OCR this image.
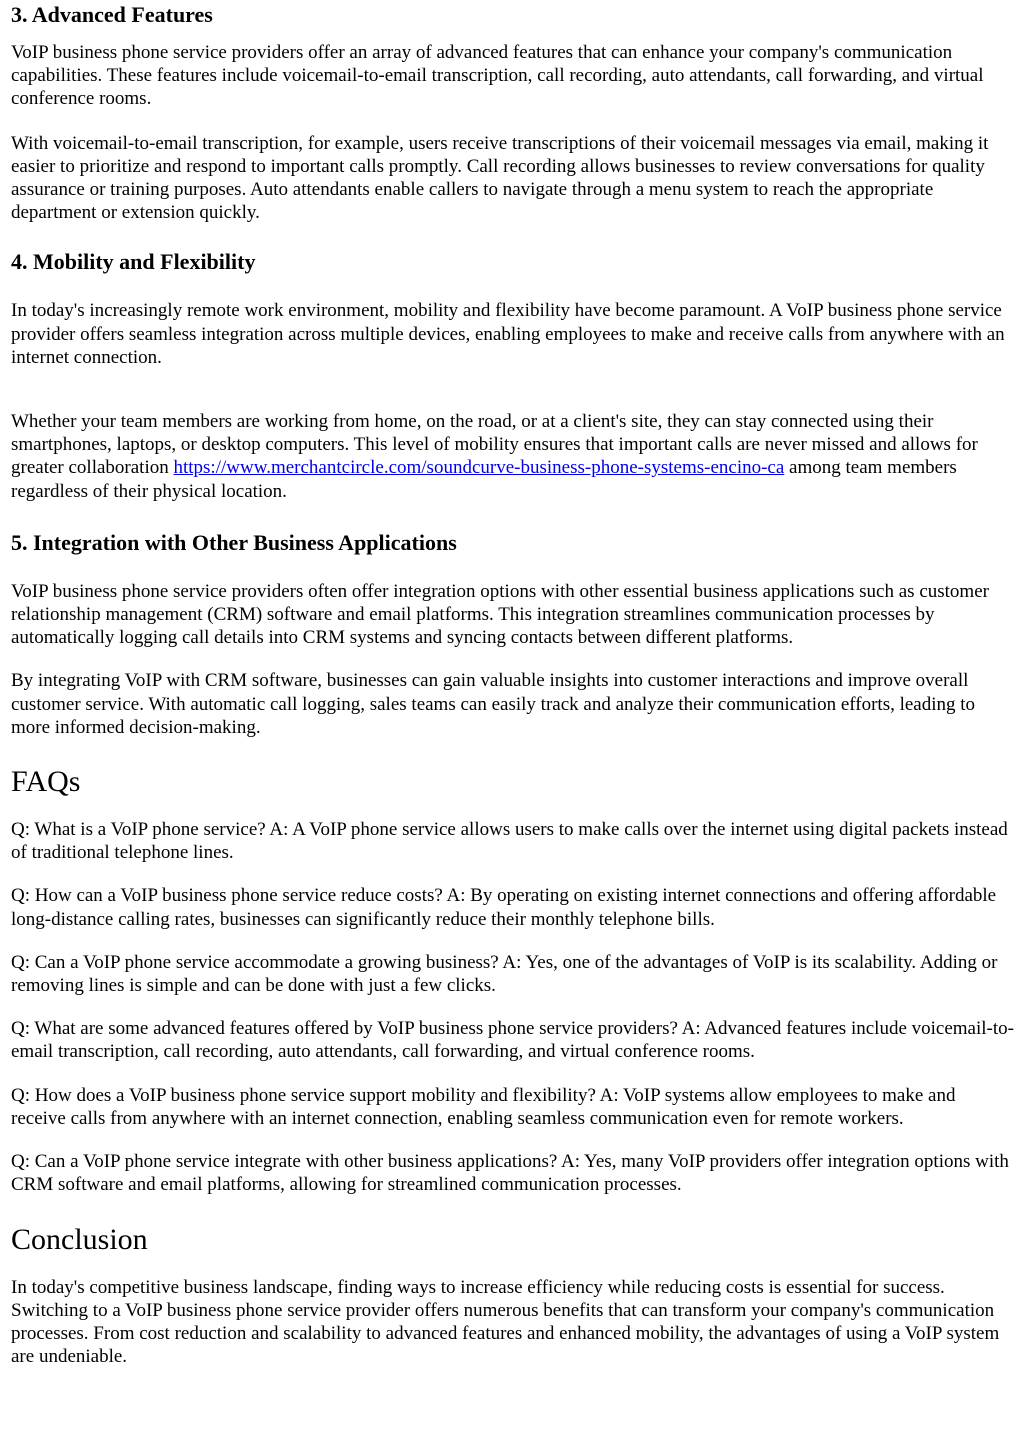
3. Advanced Features

VoIP business phone service providers offer an array of advanced features that can enhance your company's communication capabilities. These features include voicemail-to-email transcription, call recording, auto attendants, call forwarding, and virtual conference rooms.

With voicemail-to-email transcription, for example, users receive transcriptions of their voicemail messages via email, making it easier to prioritize and respond to important calls promptly. Call recording allows businesses to review conversations for quality assurance or training purposes. Auto attendants enable callers to navigate through a menu system to reach the appropriate department or extension quickly.

4. Mobility and Flexibility

In today's increasingly remote work environment, mobility and flexibility have become paramount. A VoIP business phone service provider offers seamless integration across multiple devices, enabling employees to make and receive calls from anywhere with an internet connection.

Whether your team members are working from home, on the road, or at a client's site, they can stay connected using their smartphones, laptops, or desktop computers. This level of mobility ensures that important calls are never missed and allows for greater collaboration https://www.merchantcircle.com/soundcurve-business-phone-systems-encino-ca among team members regardless of their physical location.

5. Integration with Other Business Applications

VoIP business phone service providers often offer integration options with other essential business applications such as customer relationship management (CRM) software and email platforms. This integration streamlines communication processes by automatically logging call details into CRM systems and syncing contacts between different platforms.

By integrating VoIP with CRM software, businesses can gain valuable insights into customer interactions and improve overall customer service. With automatic call logging, sales teams can easily track and analyze their communication efforts, leading to more informed decision-making.

FAQs

Q: What is a VoIP phone service? A: A VoIP phone service allows users to make calls over the internet using digital packets instead of traditional telephone lines.

Q: How can a VoIP business phone service reduce costs? A: By operating on existing internet connections and offering affordable long-distance calling rates, businesses can significantly reduce their monthly telephone bills.

Q: Can a VoIP phone service accommodate a growing business? A: Yes, one of the advantages of VoIP is its scalability. Adding or removing lines is simple and can be done with just a few clicks.

Q: What are some advanced features offered by VoIP business phone service providers? A: Advanced features include voicemail-to-email transcription, call recording, auto attendants, call forwarding, and virtual conference rooms.

Q: How does a VoIP business phone service support mobility and flexibility? A: VoIP systems allow employees to make and receive calls from anywhere with an internet connection, enabling seamless communication even for remote workers.

Q: Can a VoIP phone service integrate with other business applications? A: Yes, many VoIP providers offer integration options with CRM software and email platforms, allowing for streamlined communication processes.

Conclusion

In today's competitive business landscape, finding ways to increase efficiency while reducing costs is essential for success. Switching to a VoIP business phone service provider offers numerous benefits that can transform your company's communication processes. From cost reduction and scalability to advanced features and enhanced mobility, the advantages of using a VoIP system are undeniable.
